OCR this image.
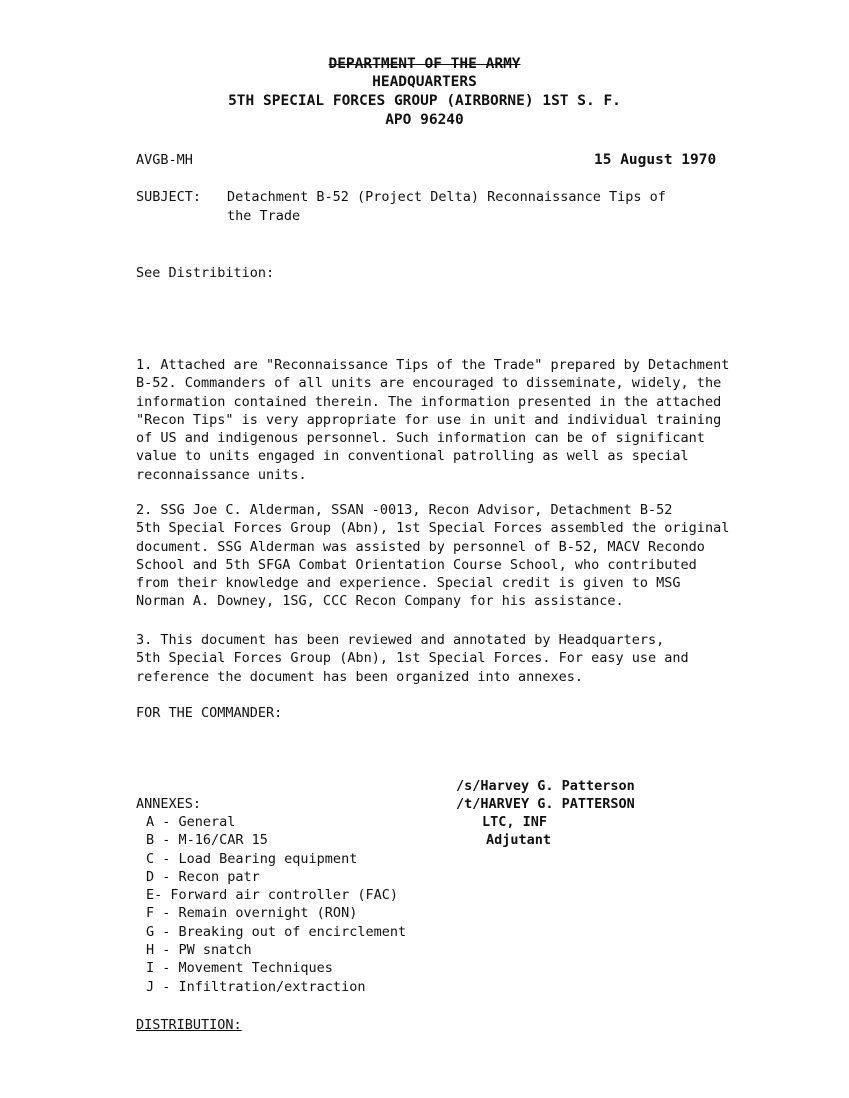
DEPARTMENT OF THE ARMY
HEADQUARTERS
5TH SPECIAL FORCES GROUP (AIRBORNE) 1ST S. F.
APO 96240
AVGB-MH	15 August 1970
SUBJECT: Detachment B-52 (Project Delta) Reconnaissance Tips of
the Trade
See Distribition:
1. Attached are "Reconnaissance Tips of the Trade" prepared by Detachment
B-52. Commanders of all units are encouraged to disseminate, widely, the
information contained therein. The information presented in the attached
"Recon Tips" is very appropriate for use in unit and individual training
of US and indigenous personnel. Such information can be of significant
value to units engaged in conventional patrolling as well as special
reconnaissance units.
2. SSG Joe C. Alderman, SSAN -0013, Recon Advisor, Detachment B-52
5th Special Forces Group (Abn), 1st Special Forces assembled the original
document. SSG Alderman was assisted by personnel of B-52, MACV Recondo
School and 5th SFGA Combat Orientation Course School, who contributed
from their knowledge and experience. Special credit is given to MSG
Norman A. Downey, 1SG, CCC Recon Company for his assistance.
3. This document has been reviewed and annotated by Headquarters,
5th Special Forces Group (Abn), 1st Special Forces. For easy use and
reference the document has been organized into annexes.
FOR THE COMMANDER:
/s/Harvey G. Patterson
/t/HARVEY G. PATTERSON
LTC, INF
Adjutant
ANNEXES:
A - General
B - M-16/CAR 15
C - Load Bearing equipment
D - Recon patr
E- Forward air controller (FAC)
F - Remain overnight (RON)
G - Breaking out of encirclement
H - PW snatch
I - Movement Techniques
J - Infiltration/extraction
DISTRIBUTION:
